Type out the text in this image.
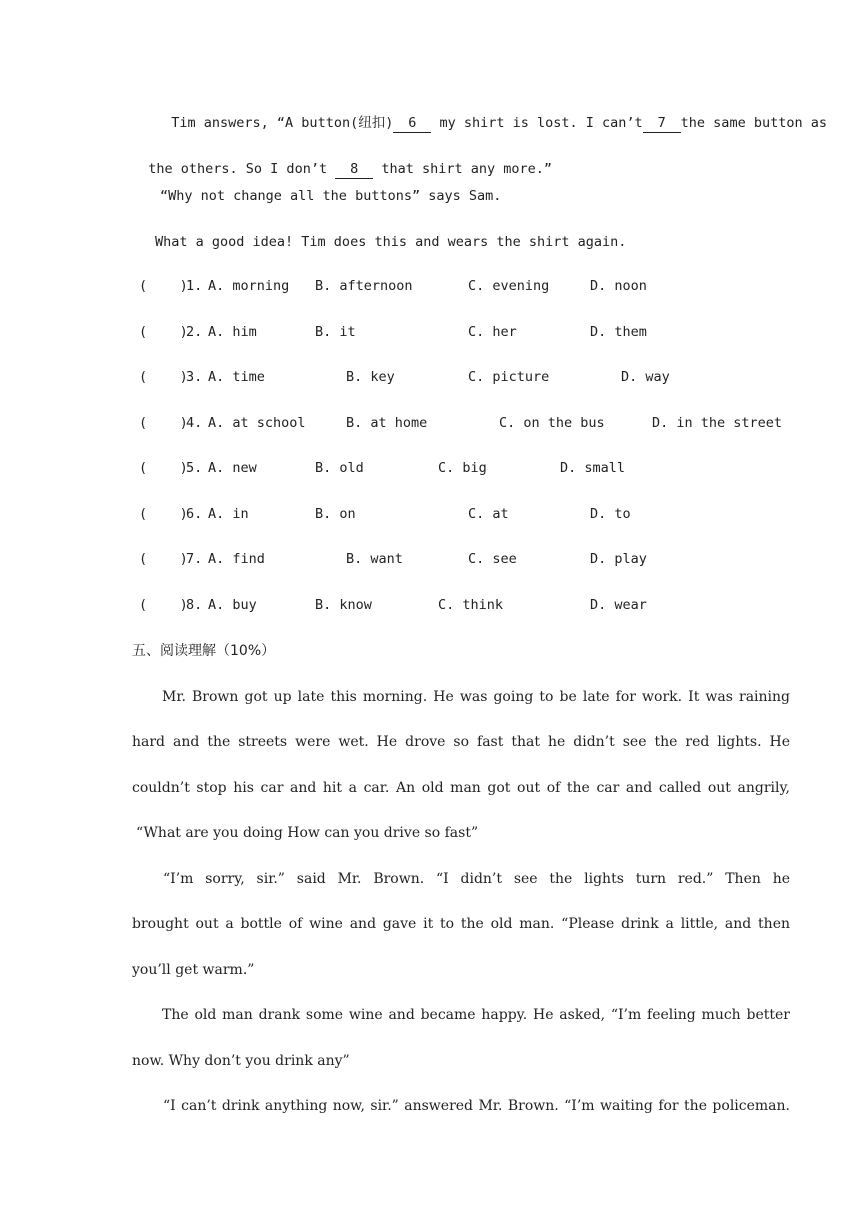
Tim answers, “A button(纽扣) 6 my shirt is lost. I can’t 7 the same button as

the others. So I don’t 8 that shirt any more.”

“Why not change all the buttons” says Sam.
What a good idea! Tim does this and wears the shirt again.
(    )
1. A. morning B. afternoon	C. evening	D. noon
(    )
2. A. him	B. it	C. her	D. them
(    )
3. A. time	B. key	C. picture	D. way
(    )
4. A. at school	B. at home	C. on the bus	D. in the street
(    )
5. A. new	B. old	C. big	D. small
(    )
6. A. in	B. on	C. at	D. to
(    )
7. A. find	B. want	C. see	D. play
(    )
8. A. buy	B. know	C. think	D. wear
五、阅读理解（10%）
Mr. Brown got up late this morning. He was going to be late for work. It was raining
hard and the streets were wet. He drove so fast that he didn’t see the red lights. He
couldn’t stop his car and hit a car. An old man got out of the car and called out angrily,
“What are you doing How can you drive so fast”
“I’m sorry, sir.” said Mr. Brown. “I didn’t see the lights turn red.” Then he
brought out a bottle of wine and gave it to the old man. “Please drink a little, and then
you’ll get warm.”
The old man drank some wine and became happy. He asked, “I’m feeling much better
now. Why don’t you drink any”
“I can’t drink anything now, sir.” answered Mr. Brown. “I’m waiting for the policeman.
